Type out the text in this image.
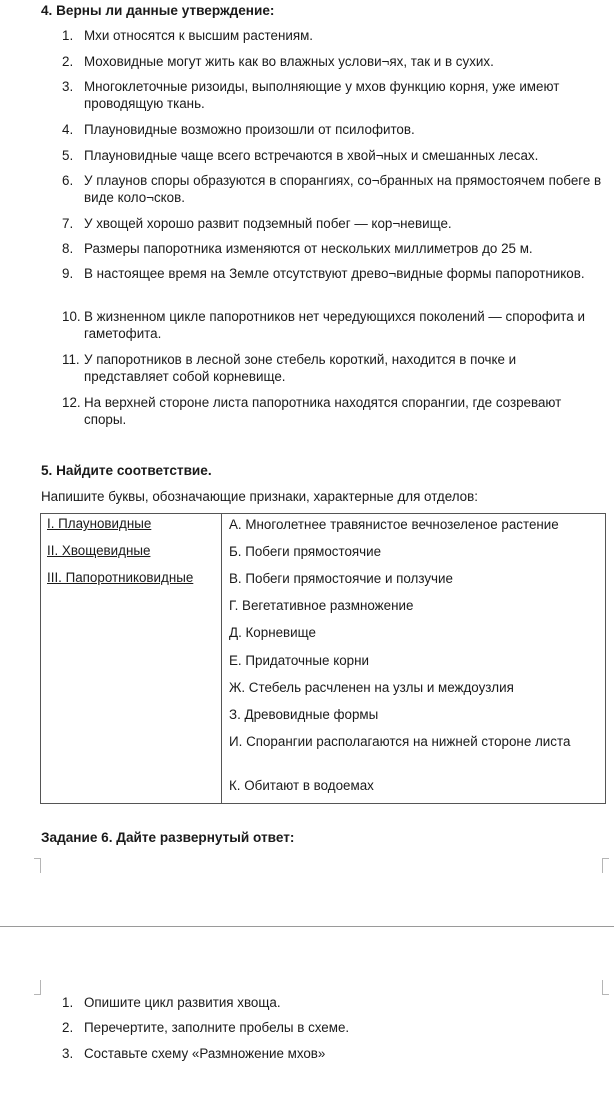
4. Верны ли данные утверждение:
1. Мхи относятся к высшим растениям.
2. Моховидные могут жить как во влажных услови¬ях, так и в сухих.
3. Многоклеточные ризоиды, выполняющие у мхов функцию корня, уже имеют проводящую ткань.
4. Плауновидные возможно произошли от псилофитов.
5. Плауновидные чаще всего встречаются в хвой¬ных и смешанных лесах.
6. У плаунов споры образуются в спорангиях, со¬бранных на прямостоячем побеге в виде коло¬сков.
7. У хвощей хорошо развит подземный побег — кор¬невище.
8. Размеры папоротника изменяются от нескольких миллиметров до 25 м.
9. В настоящее время на Земле отсутствуют древо¬видные формы папоротников.
10. В жизненном цикле папоротников нет чередующихся поколений — спорофита и гаметофита.
11. У папоротников в лесной зоне стебель короткий, находится в почке и представляет собой корневище.
12. На верхней стороне листа папоротника находятся спорангии, где созревают споры.
5. Найдите соответствие.
Напишите буквы, обозначающие признаки, характерные для отделов:
I. Плауновидные
II. Хвощевидные
III. Папоротниковидные

А. Многолетнее травянистое вечнозеленое растение
Б. Побеги прямостоячие
В. Побеги прямостоячие и ползучие
Г. Вегетативное размножение
Д. Корневище
Е. Придаточные корни
Ж. Стебель расчленен на узлы и междоузлия
З. Древовидные формы
И. Спорангии располагаются на нижней стороне листа
К. Обитают в водоемах
Задание 6. Дайте развернутый ответ:
1. Опишите цикл развития хвоща.
2. Перечертите, заполните пробелы в схеме.
3. Составьте схему «Размножение мхов»
